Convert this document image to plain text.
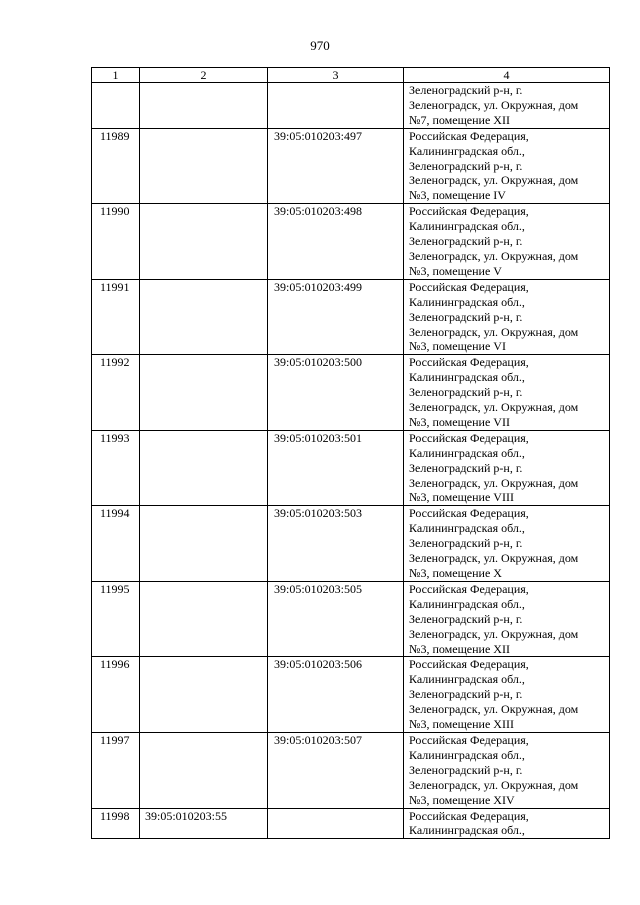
970
1	2	3	4

			Зеленоградский р-н, г.
Зеленоградск, ул. Окружная, дом
№7, помещение XII

11989		39:05:010203:497	Российская Федерация,
Калининградская обл.,
Зеленоградский р-н, г.
Зеленоградск, ул. Окружная, дом
№3, помещение IV

11990		39:05:010203:498	Российская Федерация,
Калининградская обл.,
Зеленоградский р-н, г.
Зеленоградск, ул. Окружная, дом
№3, помещение V

11991		39:05:010203:499	Российская Федерация,
Калининградская обл.,
Зеленоградский р-н, г.
Зеленоградск, ул. Окружная, дом
№3, помещение VI

11992		39:05:010203:500	Российская Федерация,
Калининградская обл.,
Зеленоградский р-н, г.
Зеленоградск, ул. Окружная, дом
№3, помещение VII

11993		39:05:010203:501	Российская Федерация,
Калининградская обл.,
Зеленоградский р-н, г.
Зеленоградск, ул. Окружная, дом
№3, помещение VIII

11994		39:05:010203:503	Российская Федерация,
Калининградская обл.,
Зеленоградский р-н, г.
Зеленоградск, ул. Окружная, дом
№3, помещение X

11995		39:05:010203:505	Российская Федерация,
Калининградская обл.,
Зеленоградский р-н, г.
Зеленоградск, ул. Окружная, дом
№3, помещение XII

11996		39:05:010203:506	Российская Федерация,
Калининградская обл.,
Зеленоградский р-н, г.
Зеленоградск, ул. Окружная, дом
№3, помещение XIII

11997		39:05:010203:507	Российская Федерация,
Калининградская обл.,
Зеленоградский р-н, г.
Зеленоградск, ул. Окружная, дом
№3, помещение XIV

11998	39:05:010203:55		Российская Федерация,
Калининградская обл.,
